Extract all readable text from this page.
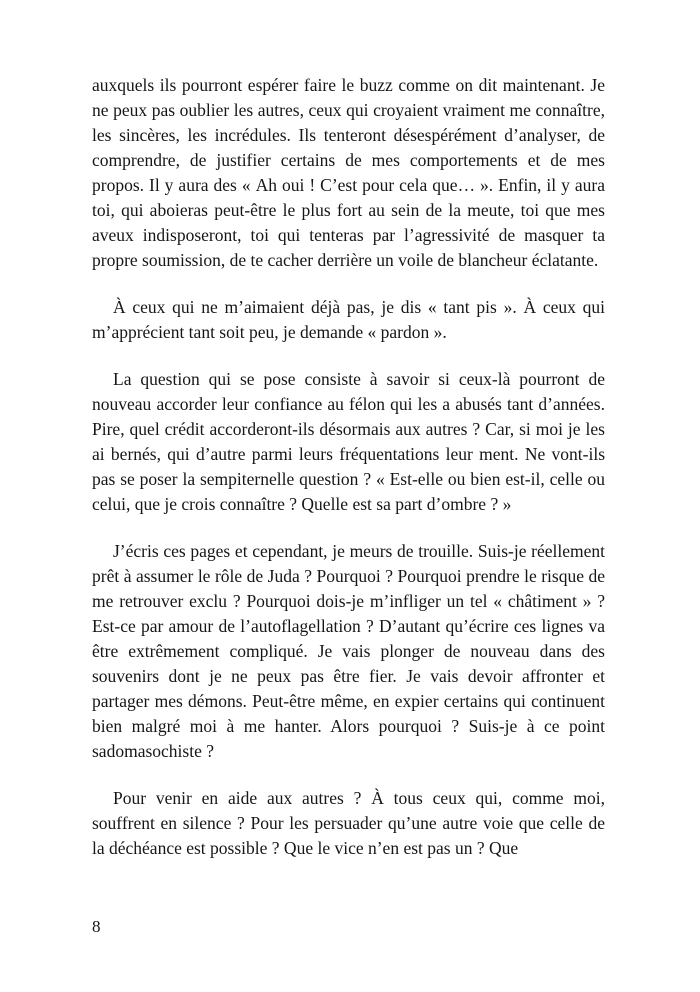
auxquels ils pourront espérer faire le buzz comme on dit maintenant. Je ne peux pas oublier les autres, ceux qui croyaient vraiment me connaître, les sincères, les incrédules. Ils tenteront désespérément d’analyser, de comprendre, de justifier certains de mes comportements et de mes propos. Il y aura des « Ah oui ! C’est pour cela que… ». Enfin, il y aura toi, qui aboieras peut-être le plus fort au sein de la meute, toi que mes aveux indisposeront, toi qui tenteras par l’agressivité de masquer ta propre soumission, de te cacher derrière un voile de blancheur éclatante.

À ceux qui ne m’aimaient déjà pas, je dis « tant pis ». À ceux qui m’apprécient tant soit peu, je demande « pardon ».

La question qui se pose consiste à savoir si ceux-là pourront de nouveau accorder leur confiance au félon qui les a abusés tant d’années. Pire, quel crédit accorderont-ils désormais aux autres ? Car, si moi je les ai bernés, qui d’autre parmi leurs fréquentations leur ment. Ne vont-ils pas se poser la sempiternelle question ? « Est-elle ou bien est-il, celle ou celui, que je crois connaître ? Quelle est sa part d’ombre ? »

J’écris ces pages et cependant, je meurs de trouille. Suis-je réellement prêt à assumer le rôle de Juda ? Pourquoi ? Pourquoi prendre le risque de me retrouver exclu ? Pourquoi dois-je m’infliger un tel « châtiment » ? Est-ce par amour de l’autoflagellation ? D’autant qu’écrire ces lignes va être extrêmement compliqué. Je vais plonger de nouveau dans des souvenirs dont je ne peux pas être fier. Je vais devoir affronter et partager mes démons. Peut-être même, en expier certains qui continuent bien malgré moi à me hanter. Alors pourquoi ? Suis-je à ce point sadomasochiste ?

Pour venir en aide aux autres ? À tous ceux qui, comme moi, souffrent en silence ? Pour les persuader qu’une autre voie que celle de la déchéance est possible ? Que le vice n’en est pas un ? Que

8
